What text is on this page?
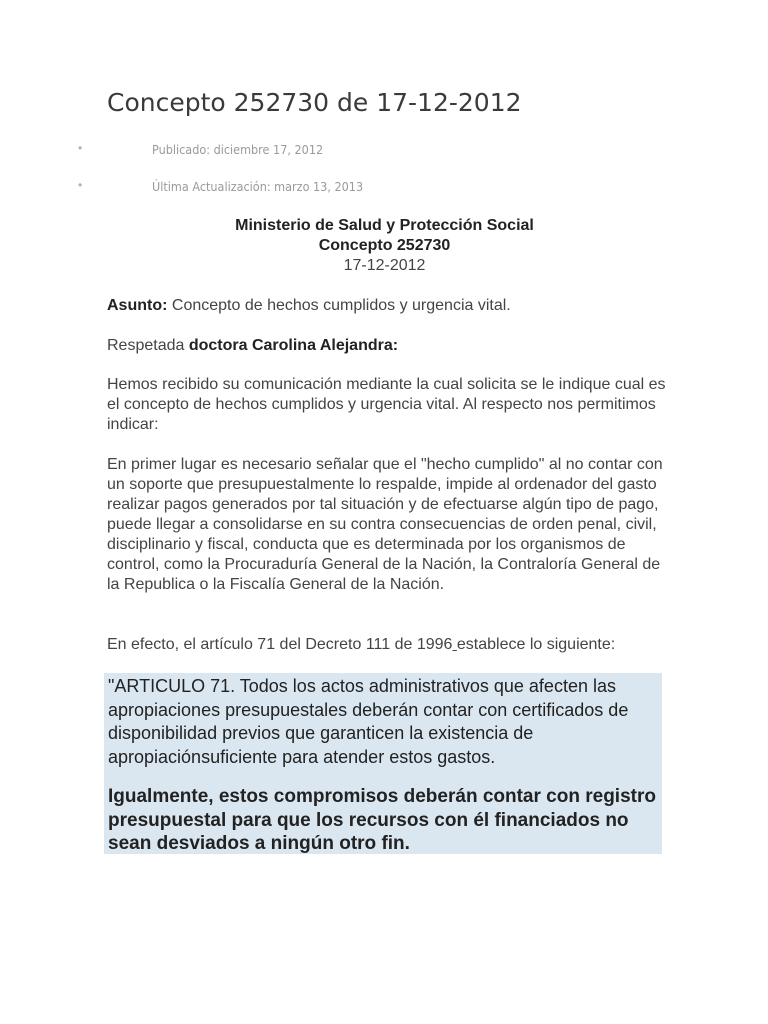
Concepto 252730 de 17-12-2012
•	Publicado: diciembre 17, 2012
•	Última Actualización: marzo 13, 2013
Ministerio de Salud y Protección Social
Concepto 252730
17-12-2012

Asunto: Concepto de hechos cumplidos y urgencia vital.

Respetada doctora Carolina Alejandra:

Hemos recibido su comunicación mediante la cual solicita se le indique cual es el concepto de hechos cumplidos y urgencia vital. Al respecto nos permitimos indicar:

En primer lugar es necesario señalar que el "hecho cumplido" al no contar con un soporte que presupuestalmente lo respalde, impide al ordenador del gasto realizar pagos generados por tal situación y de efectuarse algún tipo de pago, puede llegar a consolidarse en su contra consecuencias de orden penal, civil, disciplinario y fiscal, conducta que es determinada por los organismos de control, como la Procuraduría General de la Nación, la Contraloría General de la Republica o la Fiscalía General de la Nación.

En efecto, el artículo 71 del Decreto 111 de 1996 establece lo siguiente:

"ARTICULO 71. Todos los actos administrativos que afecten las apropiaciones presupuestales deberán contar con certificados de disponibilidad previos que garanticen la existencia de apropiaciónsuficiente para atender estos gastos.

Igualmente, estos compromisos deberán contar con registro presupuestal para que los recursos con él financiados no sean desviados a ningún otro fin.
